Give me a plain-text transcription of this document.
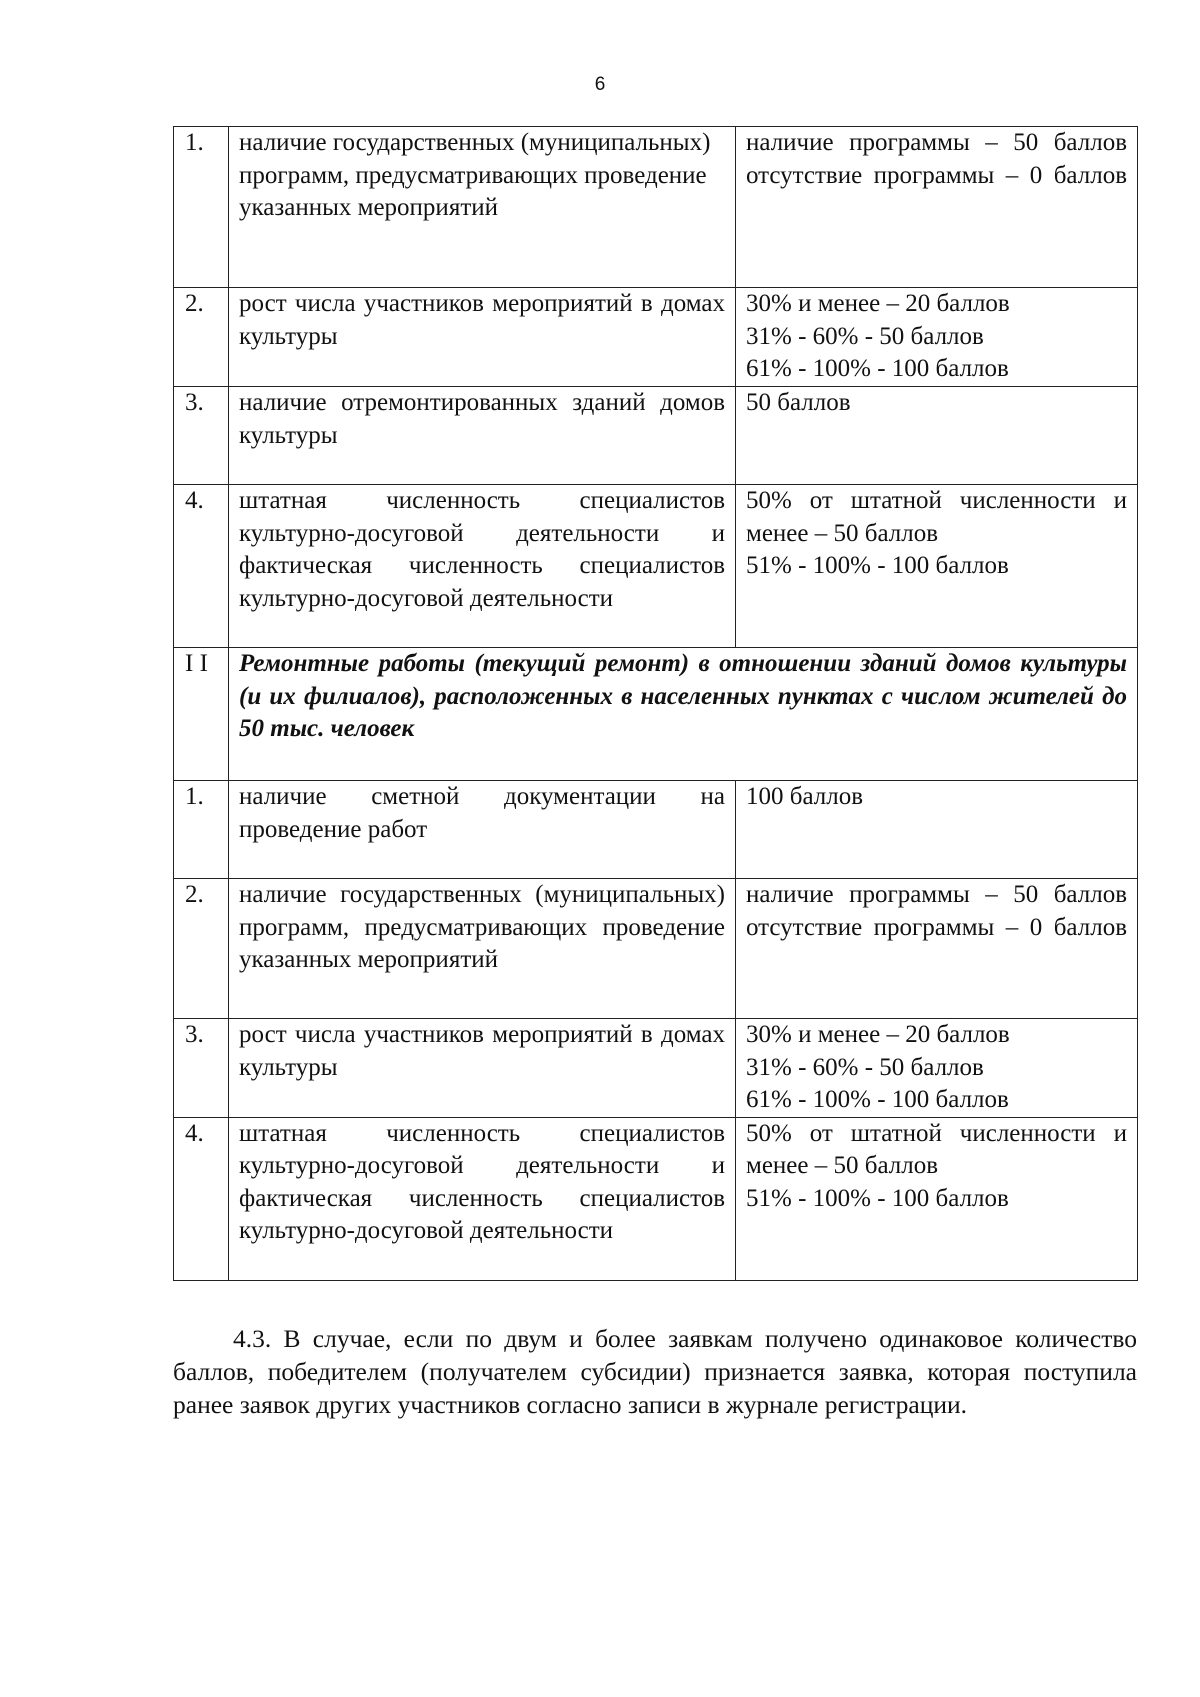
6
1.	наличие государственных (муниципальных) программ, предусматривающих проведение указанных мероприятий	наличие программы – 50 баллов
отсутствие программы – 0 баллов

2.	рост числа участников мероприятий в домах культуры	30% и менее – 20 баллов
31% - 60% - 50 баллов
61% - 100% - 100 баллов

3.	наличие отремонтированных зданий домов культуры	50 баллов

4.	штатная численность специалистов культурно-досуговой деятельности и фактическая численность специалистов культурно-досуговой деятельности	50% от штатной численности и менее – 50 баллов
51% - 100% - 100 баллов

I I	Ремонтные работы (текущий ремонт) в отношении зданий домов культуры (и их филиалов), расположенных в населенных пунктах с числом жителей до 50 тыс. человек	
1.	наличие сметной документации на проведение работ	100 баллов

2.	наличие государственных (муниципальных) программ, предусматривающих проведение указанных мероприятий	наличие программы – 50 баллов
отсутствие программы – 0 баллов

3.	рост числа участников мероприятий в домах культуры	30% и менее – 20 баллов
31% - 60% - 50 баллов
61% - 100% - 100 баллов

4.	штатная численность специалистов культурно-досуговой деятельности и фактическая численность специалистов культурно-досуговой деятельности	50% от штатной численности и менее – 50 баллов
51% - 100% - 100 баллов

4.3. В случае, если по двум и более заявкам получено одинаковое количество баллов, победителем (получателем субсидии) признается заявка, которая поступила ранее заявок других участников согласно записи в журнале регистрации.
